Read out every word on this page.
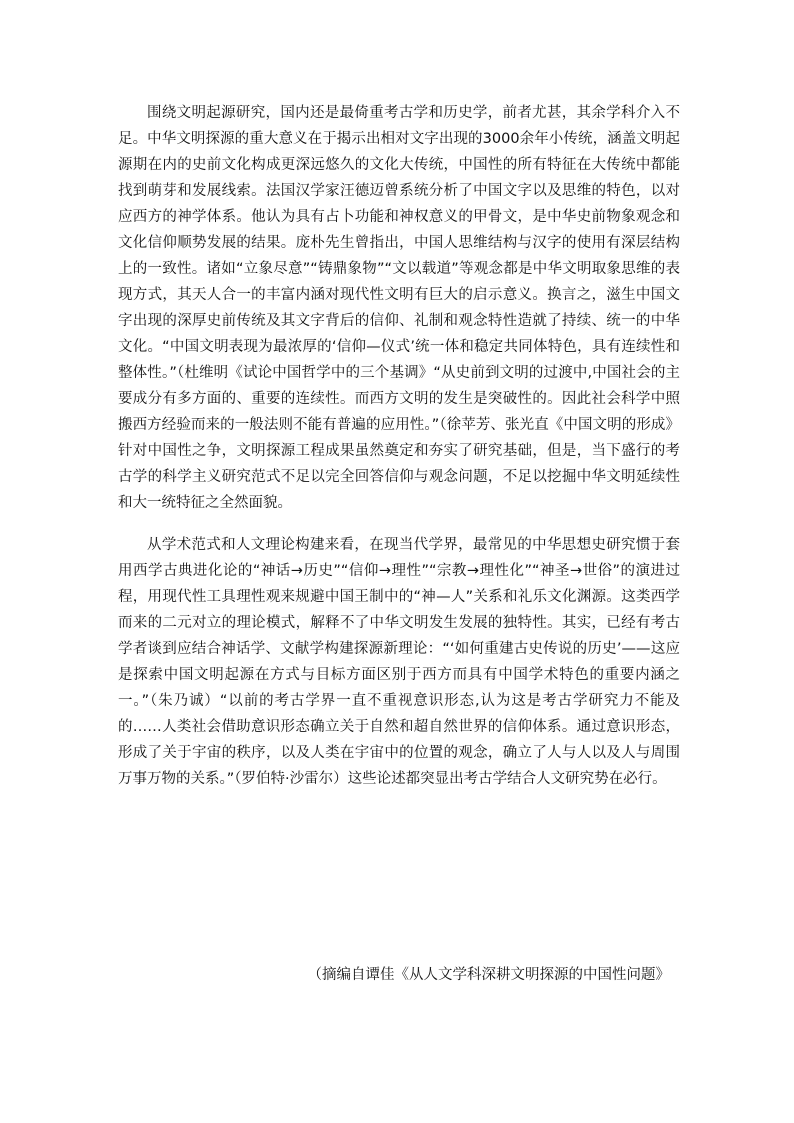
围绕文明起源研究，国内还是最倚重考古学和历史学，前者尤甚，其余学科介入不足。中华文明探源的重大意义在于揭示出相对文字出现的3000余年小传统，涵盖文明起源期在内的史前文化构成更深远悠久的文化大传统，中国性的所有特征在大传统中都能找到萌芽和发展线索。法国汉学家汪德迈曾系统分析了中国文字以及思维的特色，以对应西方的神学体系。他认为具有占卜功能和神权意义的甲骨文，是中华史前物象观念和文化信仰顺势发展的结果。庞朴先生曾指出，中国人思维结构与汉字的使用有深层结构上的一致性。诸如“立象尽意”“铸鼎象物”“文以载道”等观念都是中华文明取象思维的表现方式，其天人合一的丰富内涵对现代性文明有巨大的启示意义。换言之，滋生中国文字出现的深厚史前传统及其文字背后的信仰、礼制和观念特性造就了持续、统一的中华文化。“中国文明表现为最浓厚的‘信仰—仪式’统一体和稳定共同体特色，具有连续性和整体性。”（杜维明《试论中国哲学中的三个基调》“从史前到文明的过渡中,中国社会的主要成分有多方面的、重要的连续性。而西方文明的发生是突破性的。因此社会科学中照搬西方经验而来的一般法则不能有普遍的应用性。”（徐苹芳、张光直《中国文明的形成》针对中国性之争，文明探源工程成果虽然奠定和夯实了研究基础，但是，当下盛行的考古学的科学主义研究范式不足以完全回答信仰与观念问题，不足以挖掘中华文明延续性和大一统特征之全然面貌。

从学术范式和人文理论构建来看，在现当代学界，最常见的中华思想史研究惯于套用西学古典进化论的“神话→历史”“信仰→理性”“宗教→理性化”“神圣→世俗”的演进过程，用现代性工具理性观来规避中国王制中的“神—人”关系和礼乐文化渊源。这类西学而来的二元对立的理论模式，解释不了中华文明发生发展的独特性。其实，已经有考古学者谈到应结合神话学、文献学构建探源新理论：“‘如何重建古史传说的历史’——这应是探索中国文明起源在方式与目标方面区别于西方而具有中国学术特色的重要内涵之一。”（朱乃诚）“以前的考古学界一直不重视意识形态,认为这是考古学研究力不能及的……人类社会借助意识形态确立关于自然和超自然世界的信仰体系。通过意识形态，形成了关于宇宙的秩序，以及人类在宇宙中的位置的观念，确立了人与人以及人与周围万事万物的关系。”（罗伯特·沙雷尔）这些论述都突显出考古学结合人文研究势在必行。

（摘编自谭佳《从人文学科深耕文明探源的中国性问题》
